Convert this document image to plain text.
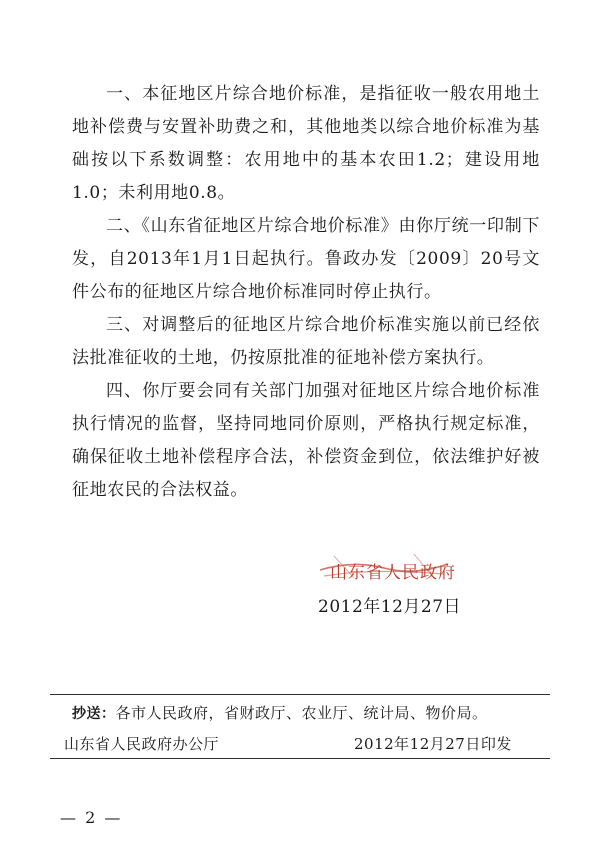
一、本征地区片综合地价标准，是指征收一般农用地土地补偿费与安置补助费之和，其他地类以综合地价标准为基础按以下系数调整：农用地中的基本农田1.2；建设用地1.0；未利用地0.8。

二、《山东省征地区片综合地价标准》由你厅统一印制下发，自2013年1月1日起执行。鲁政办发〔2009〕20号文件公布的征地区片综合地价标准同时停止执行。

三、对调整后的征地区片综合地价标准实施以前已经依法批准征收的土地，仍按原批准的征地补偿方案执行。

四、你厅要会同有关部门加强对征地区片综合地价标准执行情况的监督，坚持同地同价原则，严格执行规定标准，确保征收土地补偿程序合法，补偿资金到位，依法维护好被征地农民的合法权益。

山东省人民政府
2012年12月27日
抄送：各市人民政府，省财政厅、农业厅、统计局、物价局。
山东省人民政府办公厅	2012年12月27日印发
— 2 —
